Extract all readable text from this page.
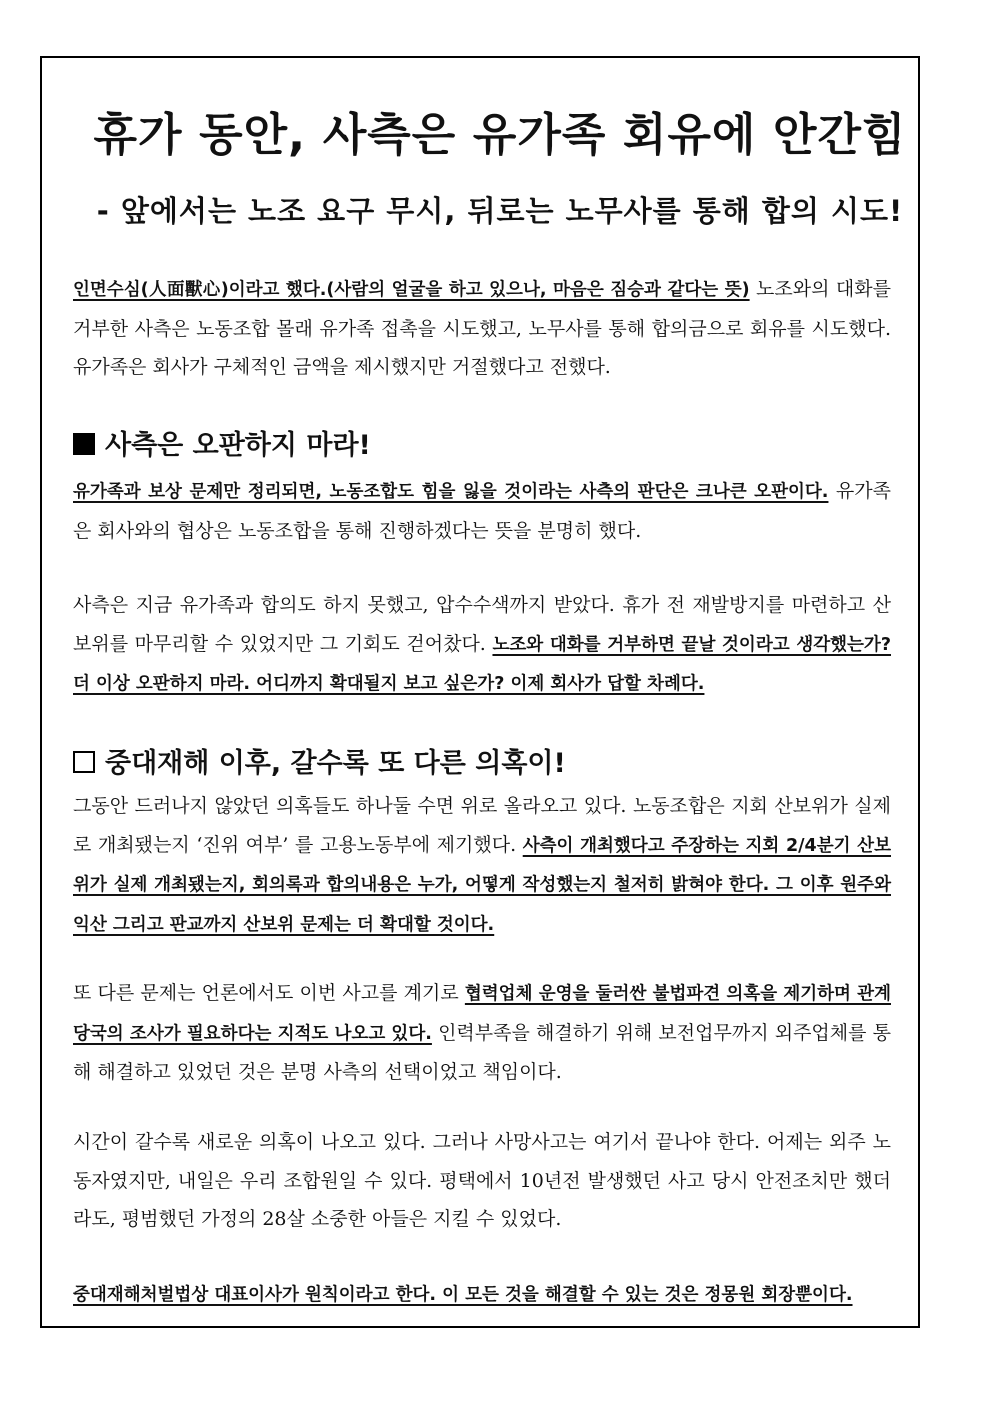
휴가 동안, 사측은 유가족 회유에 안간힘
- 앞에서는 노조 요구 무시, 뒤로는 노무사를 통해 합의 시도!

인면수심(人面獸心)이라고 했다.(사람의 얼굴을 하고 있으나, 마음은 짐승과 같다는 뜻) 노조와의 대화를 거부한 사측은 노동조합 몰래 유가족 접촉을 시도했고, 노무사를 통해 합의금으로 회유를 시도했다. 유가족은 회사가 구체적인 금액을 제시했지만 거절했다고 전했다.

사측은 오판하지 마라!

유가족과 보상 문제만 정리되면, 노동조합도 힘을 잃을 것이라는 사측의 판단은 크나큰 오판이다. 유가족은 회사와의 협상은 노동조합을 통해 진행하겠다는 뜻을 분명히 했다.

사측은 지금 유가족과 합의도 하지 못했고, 압수수색까지 받았다. 휴가 전 재발방지를 마련하고 산보위를 마무리할 수 있었지만 그 기회도 걷어찼다. 노조와 대화를 거부하면 끝날 것이라고 생각했는가? 더 이상 오판하지 마라. 어디까지 확대될지 보고 싶은가? 이제 회사가 답할 차례다.

중대재해 이후, 갈수록 또 다른 의혹이!

그동안 드러나지 않았던 의혹들도 하나둘 수면 위로 올라오고 있다. 노동조합은 지회 산보위가 실제로 개최됐는지 ‘진위 여부’ 를 고용노동부에 제기했다. 사측이 개최했다고 주장하는 지회 2/4분기 산보위가 실제 개최됐는지, 회의록과 합의내용은 누가, 어떻게 작성했는지 철저히 밝혀야 한다. 그 이후 원주와 익산 그리고 판교까지 산보위 문제는 더 확대할 것이다.

또 다른 문제는 언론에서도 이번 사고를 계기로 협력업체 운영을 둘러싼 불법파견 의혹을 제기하며 관계당국의 조사가 필요하다는 지적도 나오고 있다. 인력부족을 해결하기 위해 보전업무까지 외주업체를 통해 해결하고 있었던 것은 분명 사측의 선택이었고 책임이다.

시간이 갈수록 새로운 의혹이 나오고 있다. 그러나 사망사고는 여기서 끝나야 한다. 어제는 외주 노동자였지만, 내일은 우리 조합원일 수 있다. 평택에서 10년전 발생했던 사고 당시 안전조치만 했더라도, 평범했던 가정의 28살 소중한 아들은 지킬 수 있었다.

중대재해처벌법상 대표이사가 원칙이라고 한다. 이 모든 것을 해결할 수 있는 것은 정몽원 회장뿐이다.
